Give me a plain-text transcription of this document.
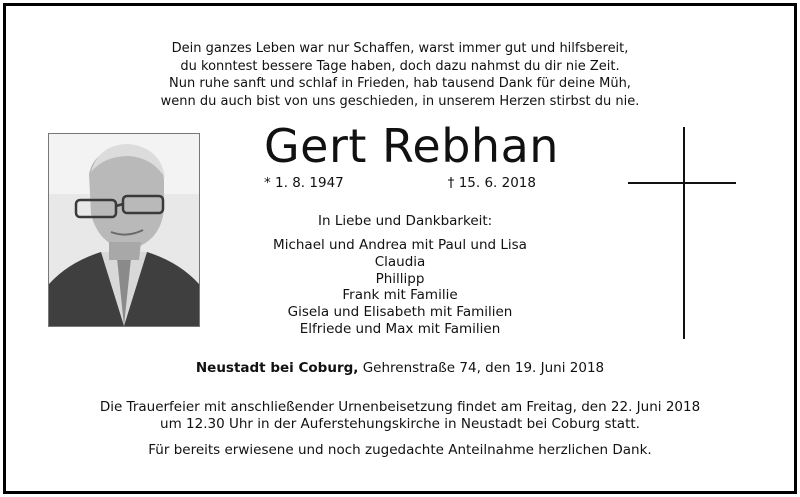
Dein ganzes Leben war nur Schaffen, warst immer gut und hilfsbereit,
du konntest bessere Tage haben, doch dazu nahmst du dir nie Zeit.
Nun ruhe sanft und schlaf in Frieden, hab tausend Dank für deine Müh,
wenn du auch bist von uns geschieden, in unserem Herzen stirbst du nie.
Gert Rebhan
* 1. 8. 1947	† 15. 6. 2018
In Liebe und Dankbarkeit:
Michael und Andrea mit Paul und Lisa
Claudia
Phillipp
Frank mit Familie
Gisela und Elisabeth mit Familien
Elfriede und Max mit Familien
Neustadt bei Coburg, Gehrenstraße 74, den 19. Juni 2018
Die Trauerfeier mit anschließender Urnenbeisetzung findet am Freitag, den 22. Juni 2018
um 12.30 Uhr in der Auferstehungskirche in Neustadt bei Coburg statt.
Für bereits erwiesene und noch zugedachte Anteilnahme herzlichen Dank.
